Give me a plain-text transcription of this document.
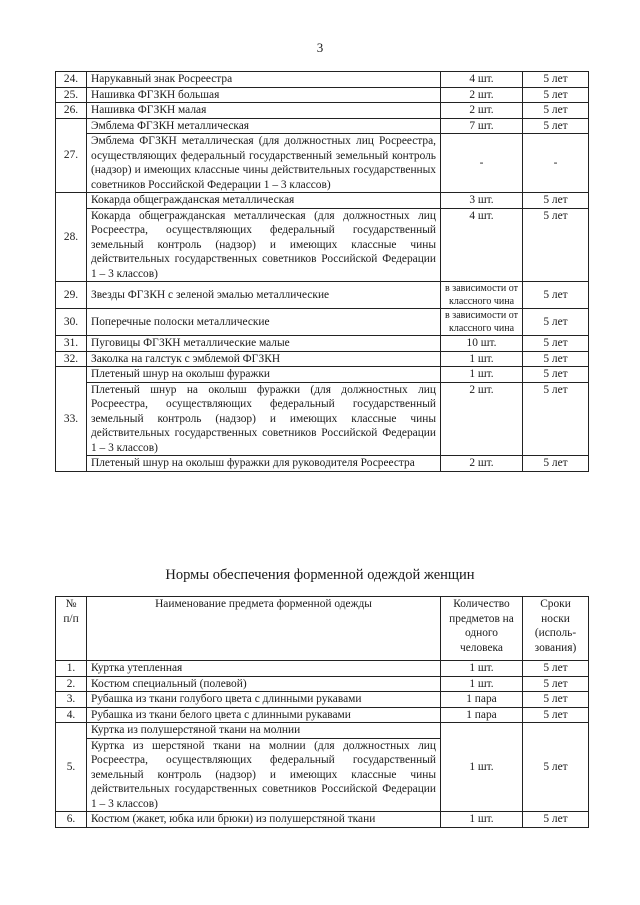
3
24.	Нарукавный знак Росреестра	4 шт.	5 лет
25.	Нашивка ФГЗКН большая	2 шт.	5 лет
26.	Нашивка ФГЗКН малая	2 шт.	5 лет
27.	Эмблема ФГЗКН металлическая	7 шт.	5 лет
	Эмблема ФГЗКН металлическая (для должностных лиц Росреестра, осуществляющих федеральный государственный земельный контроль (надзор) и имеющих классные чины действительных государственных советников Российской Федерации 1 – 3 классов)	-	-
28.	Кокарда общегражданская металлическая	3 шт.	5 лет
	Кокарда общегражданская металлическая (для должностных лиц Росреестра, осуществляющих федеральный государственный земельный контроль (надзор) и имеющих классные чины действительных государственных советников Российской Федерации 1 – 3 классов)	4 шт.	5 лет
29.	Звезды ФГЗКН с зеленой эмалью металлические	в зависимости от классного чина	5 лет
30.	Поперечные полоски металлические	в зависимости от классного чина	5 лет
31.	Пуговицы ФГЗКН металлические малые	10 шт.	5 лет
32.	Заколка на галстук с эмблемой ФГЗКН	1 шт.	5 лет
33.	Плетеный шнур на околыш фуражки	1 шт.	5 лет
	Плетеный шнур на околыш фуражки (для должностных лиц Росреестра, осуществляющих федеральный государственный земельный контроль (надзор) и имеющих классные чины действительных государственных советников Российской Федерации 1 – 3 классов)	2 шт.	5 лет
	Плетеный шнур на околыш фуражки для руководителя Росреестра	2 шт.	5 лет
Нормы обеспечения форменной одеждой женщин
№ п/п	Наименование предмета форменной одежды	Количество предметов на одного человека	Сроки носки (исполь-зования)
1.	Куртка утепленная	1 шт.	5 лет
2.	Костюм специальный (полевой)	1 шт.	5 лет
3.	Рубашка из ткани голубого цвета с длинными рукавами	1 пара	5 лет
4.	Рубашка из ткани белого цвета с длинными рукавами	1 пара	5 лет
5.	Куртка из полушерстяной ткани на молнии	1 шт.	5 лет
	Куртка из шерстяной ткани на молнии (для должностных лиц Росреестра, осуществляющих федеральный государственный земельный контроль (надзор) и имеющих классные чины действительных государственных советников Российской Федерации 1 – 3 классов)		
6.	Костюм (жакет, юбка или брюки) из полушерстяной ткани	1 шт.	5 лет
